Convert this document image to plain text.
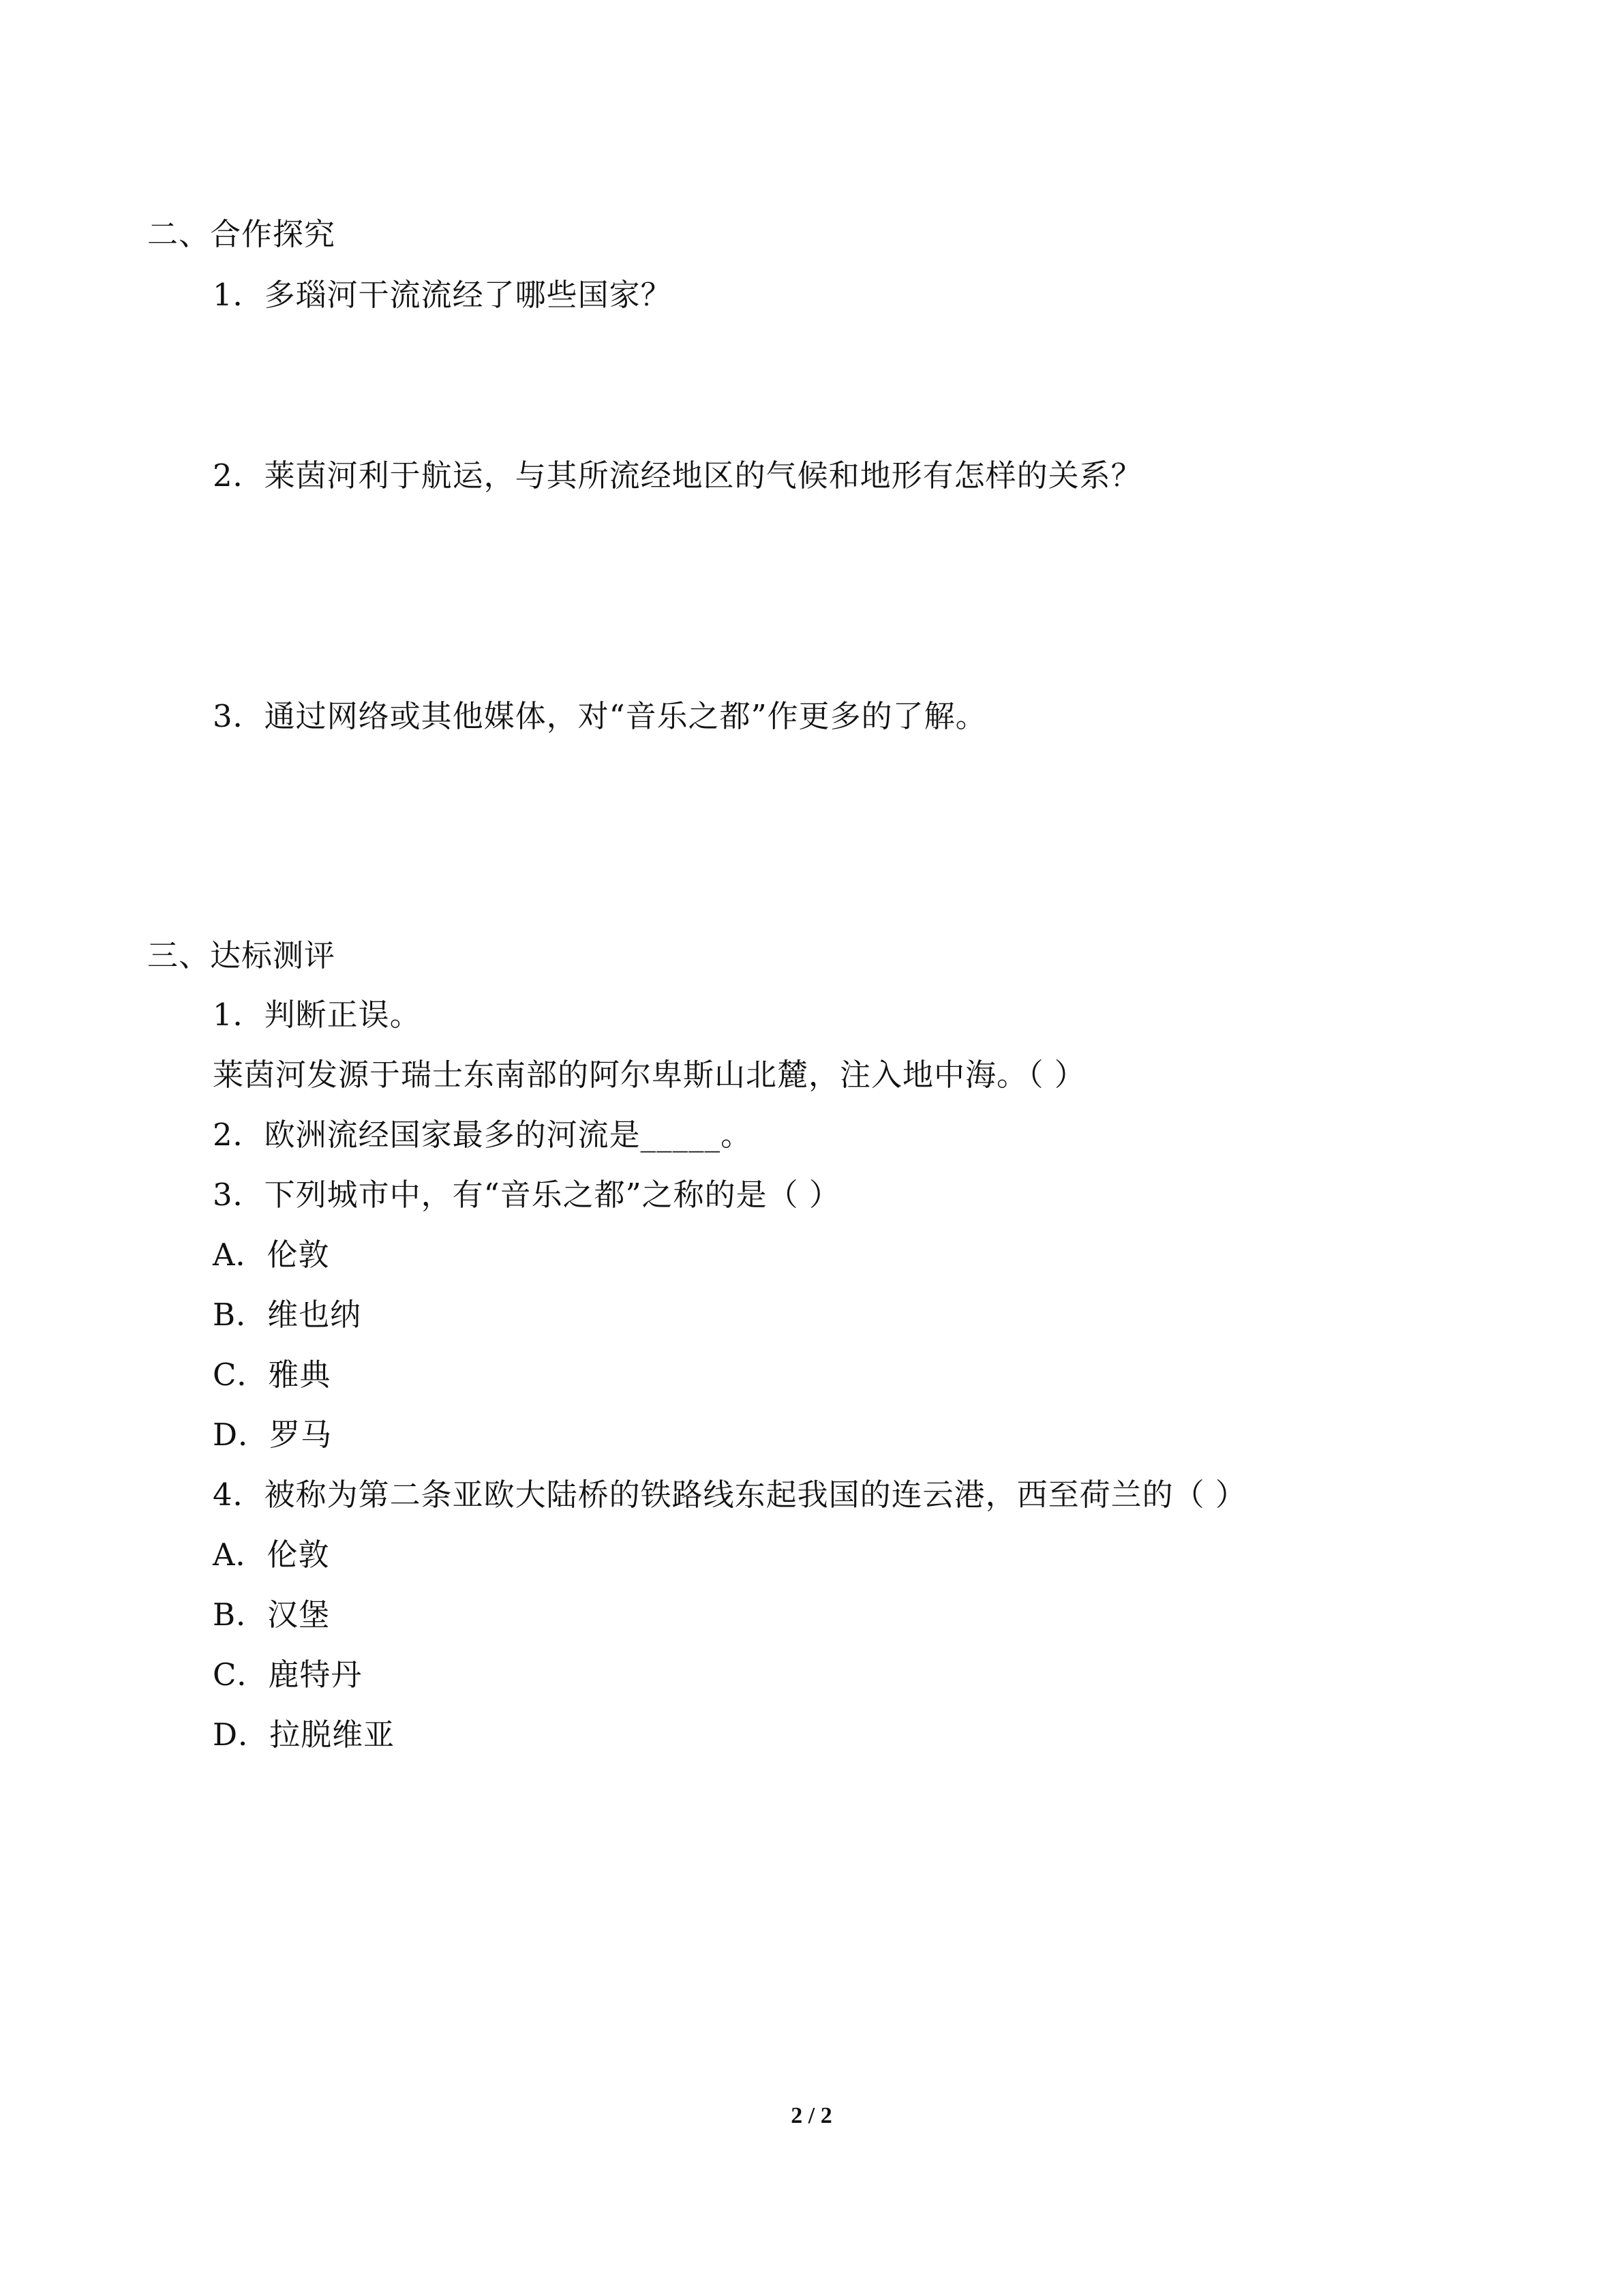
二、合作探究
1．多瑙河干流流经了哪些国家？
2．莱茵河利于航运，与其所流经地区的气候和地形有怎样的关系？
3．通过网络或其他媒体，对“音乐之都”作更多的了解。
三、达标测评
1．判断正误。
莱茵河发源于瑞士东南部的阿尔卑斯山北麓，注入地中海。（ ）
2．欧洲流经国家最多的河流是_____。
3．下列城市中，有“音乐之都”之称的是（ ）
A．伦敦
B．维也纳
C．雅典
D．罗马
4．被称为第二条亚欧大陆桥的铁路线东起我国的连云港，西至荷兰的（ ）
A．伦敦
B．汉堡
C．鹿特丹
D．拉脱维亚
2 / 2
